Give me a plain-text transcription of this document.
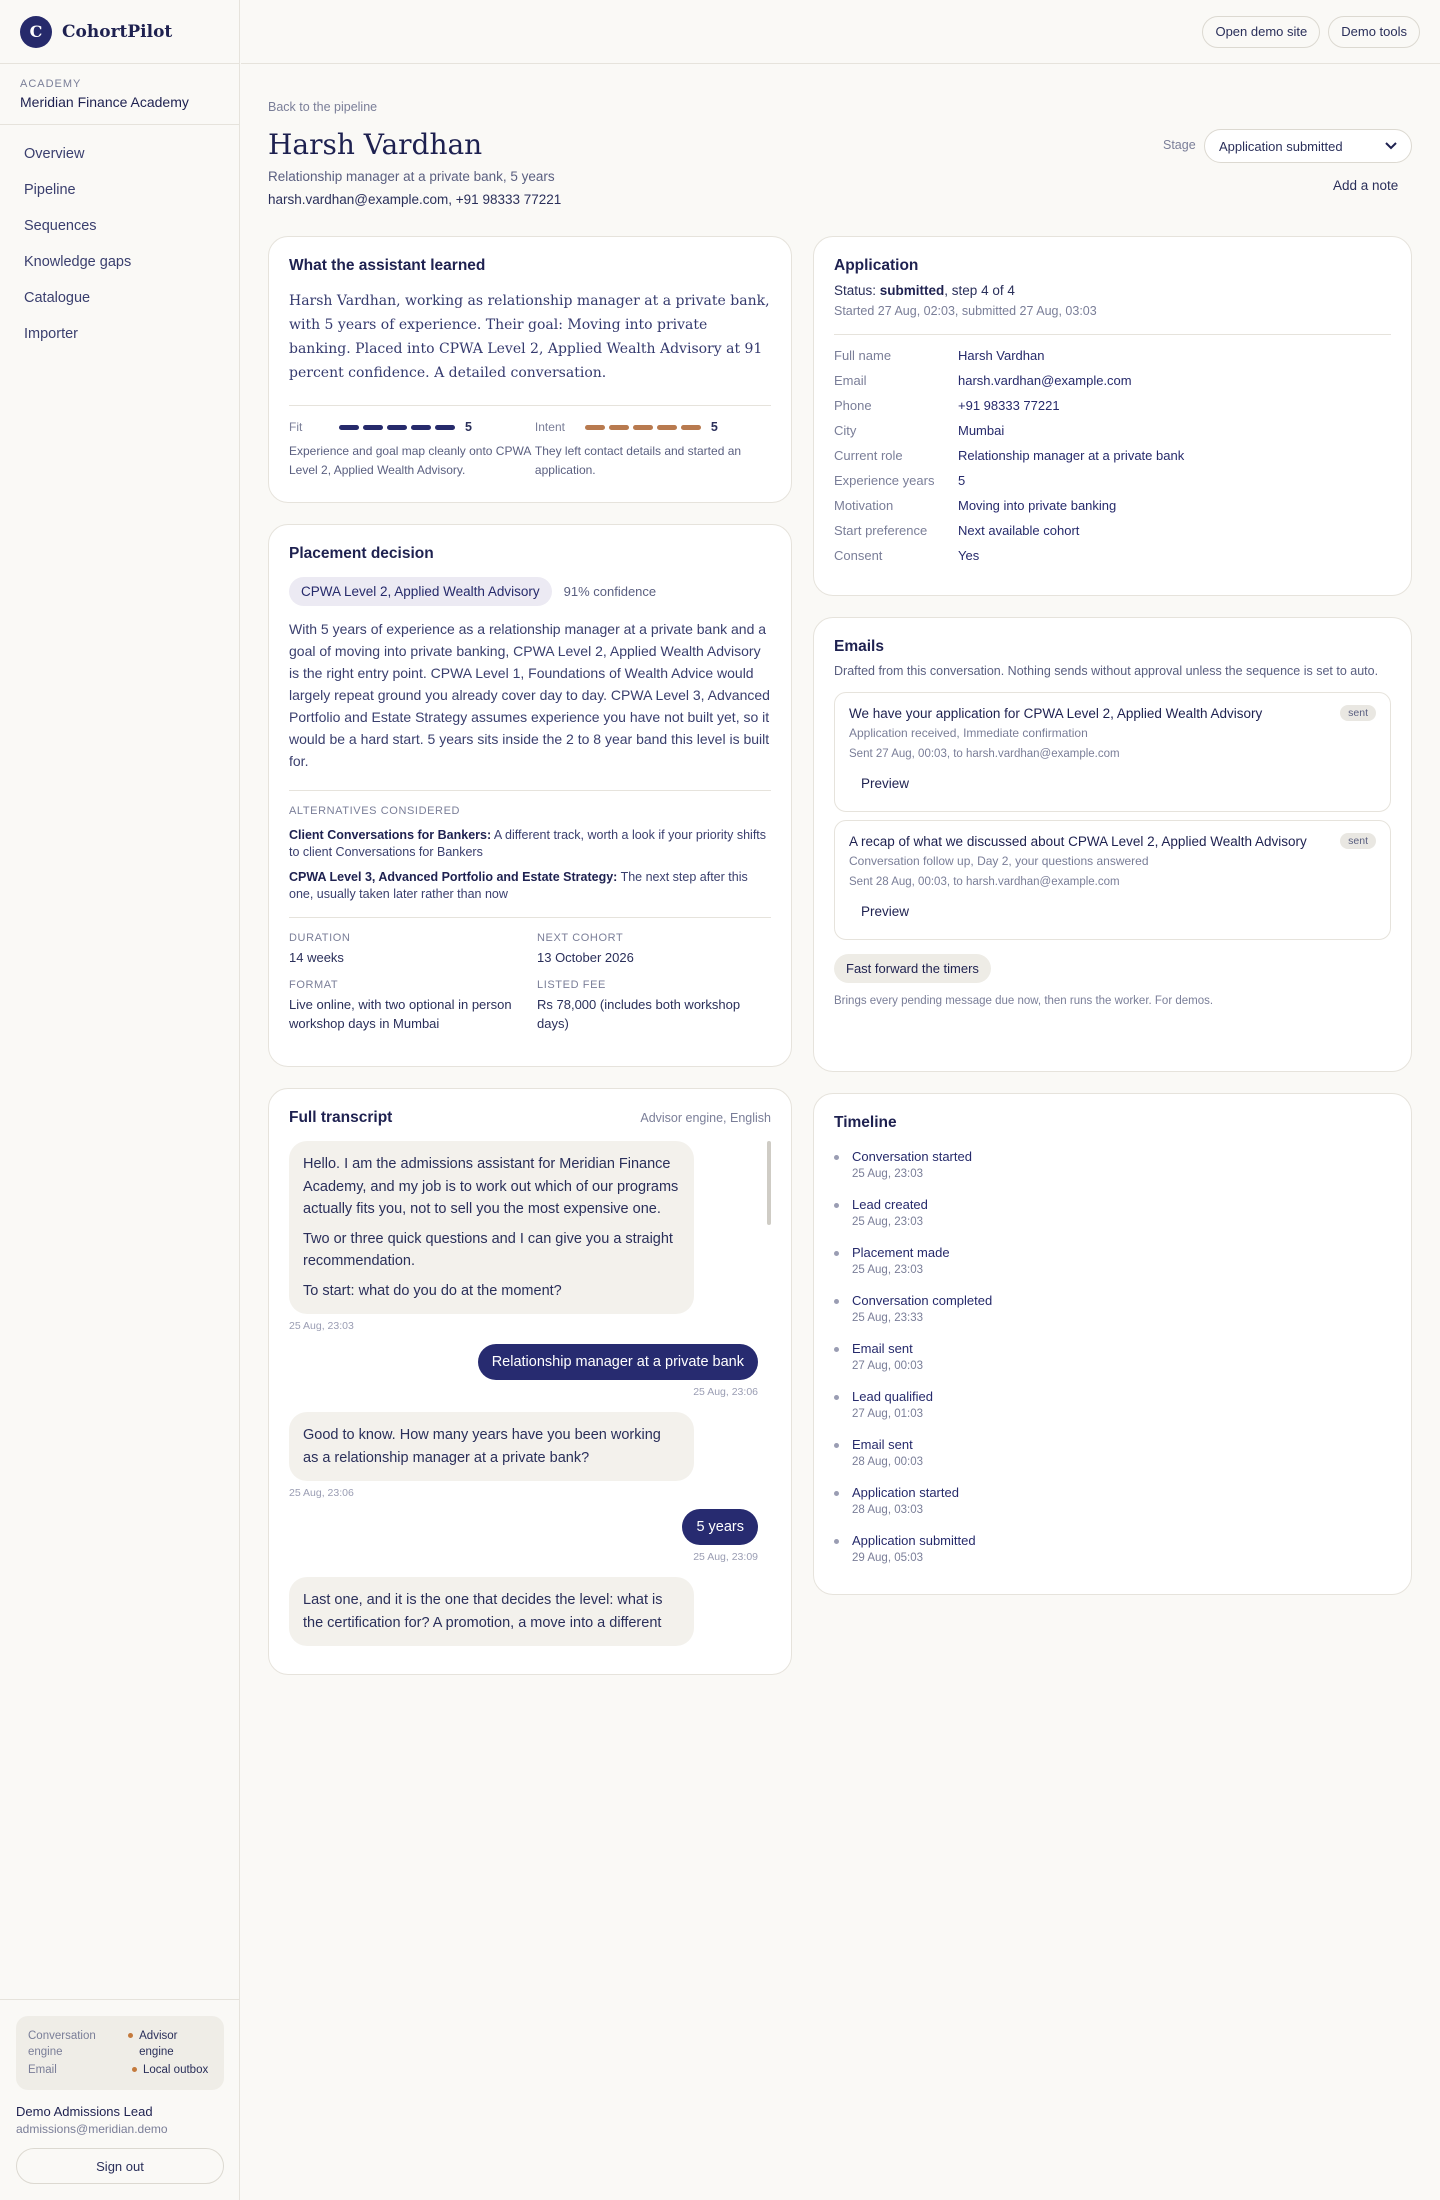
C	CohortPilot
ACADEMY
Meridian Finance Academy
Overview
Pipeline
Sequences
Knowledge gaps
Catalogue
Importer
Conversation engine
Advisor engine
Email	Local outbox
Demo Admissions Lead
admissions@meridian.demo
Sign out
Open demo site	Demo tools
Back to the pipeline
Harsh Vardhan
Relationship manager at a private bank, 5 years
harsh.vardhan@example.com, +91 98333 77221
Stage Application submitted
Add a note
What the assistant learned

Harsh Vardhan, working as relationship manager at a private bank, with 5 years of experience. Their goal: Moving into private banking. Placed into CPWA Level 2, Applied Wealth Advisory at 91 percent confidence. A detailed conversation.

Fit	5
Experience and goal map cleanly onto CPWA Level 2, Applied Wealth Advisory.
Intent	5
They left contact details and started an application.
Placement decision
CPWA Level 2, Applied Wealth Advisory	91% confidence

With 5 years of experience as a relationship manager at a private bank and a goal of moving into private banking, CPWA Level 2, Applied Wealth Advisory is the right entry point. CPWA Level 1, Foundations of Wealth Advice would largely repeat ground you already cover day to day. CPWA Level 3, Advanced Portfolio and Estate Strategy assumes experience you have not built yet, so it would be a hard start. 5 years sits inside the 2 to 8 year band this level is built for.

ALTERNATIVES CONSIDERED
Client Conversations for Bankers: A different track, worth a look if your priority shifts to client Conversations for Bankers
CPWA Level 3, Advanced Portfolio and Estate Strategy: The next step after this one, usually taken later rather than now
DURATION
14 weeks
NEXT COHORT
13 October 2026
FORMAT
Live online, with two optional in person workshop days in Mumbai
LISTED FEE
Rs 78,000 (includes both workshop days)
Full transcript	Advisor engine, English

Hello. I am the admissions assistant for Meridian Finance Academy, and my job is to work out which of our programs actually fits you, not to sell you the most expensive one.

Two or three quick questions and I can give you a straight recommendation.

To start: what do you do at the moment?

25 Aug, 23:03
Relationship manager at a private bank
25 Aug, 23:06

Good to know. How many years have you been working as a relationship manager at a private bank?

25 Aug, 23:06
5 years
25 Aug, 23:09

Last one, and it is the one that decides the level: what is the certification for? A promotion, a move into a different

Application
Status: submitted, step 4 of 4
Started 27 Aug, 02:03, submitted 27 Aug, 03:03
Full name	Harsh Vardhan
Email	harsh.vardhan@example.com
Phone	+91 98333 77221
City	Mumbai
Current role	Relationship manager at a private bank
Experience years	5
Motivation	Moving into private banking
Start preference	Next available cohort
Consent	Yes
Emails

Drafted from this conversation. Nothing sends without approval unless the sequence is set to auto.

We have your application for CPWA Level 2, Applied Wealth Advisory	sent
Application received, Immediate confirmation
Sent 27 Aug, 00:03, to harsh.vardhan@example.com
Preview
A recap of what we discussed about CPWA Level 2, Applied Wealth Advisory	sent
Conversation follow up, Day 2, your questions answered
Sent 28 Aug, 00:03, to harsh.vardhan@example.com
Preview
Fast forward the timers
Brings every pending message due now, then runs the worker. For demos.
Timeline
Conversation started
25 Aug, 23:03
Lead created
25 Aug, 23:03
Placement made
25 Aug, 23:03
Conversation completed
25 Aug, 23:33
Email sent
27 Aug, 00:03
Lead qualified
27 Aug, 01:03
Email sent
28 Aug, 00:03
Application started
28 Aug, 03:03
Application submitted
29 Aug, 05:03
